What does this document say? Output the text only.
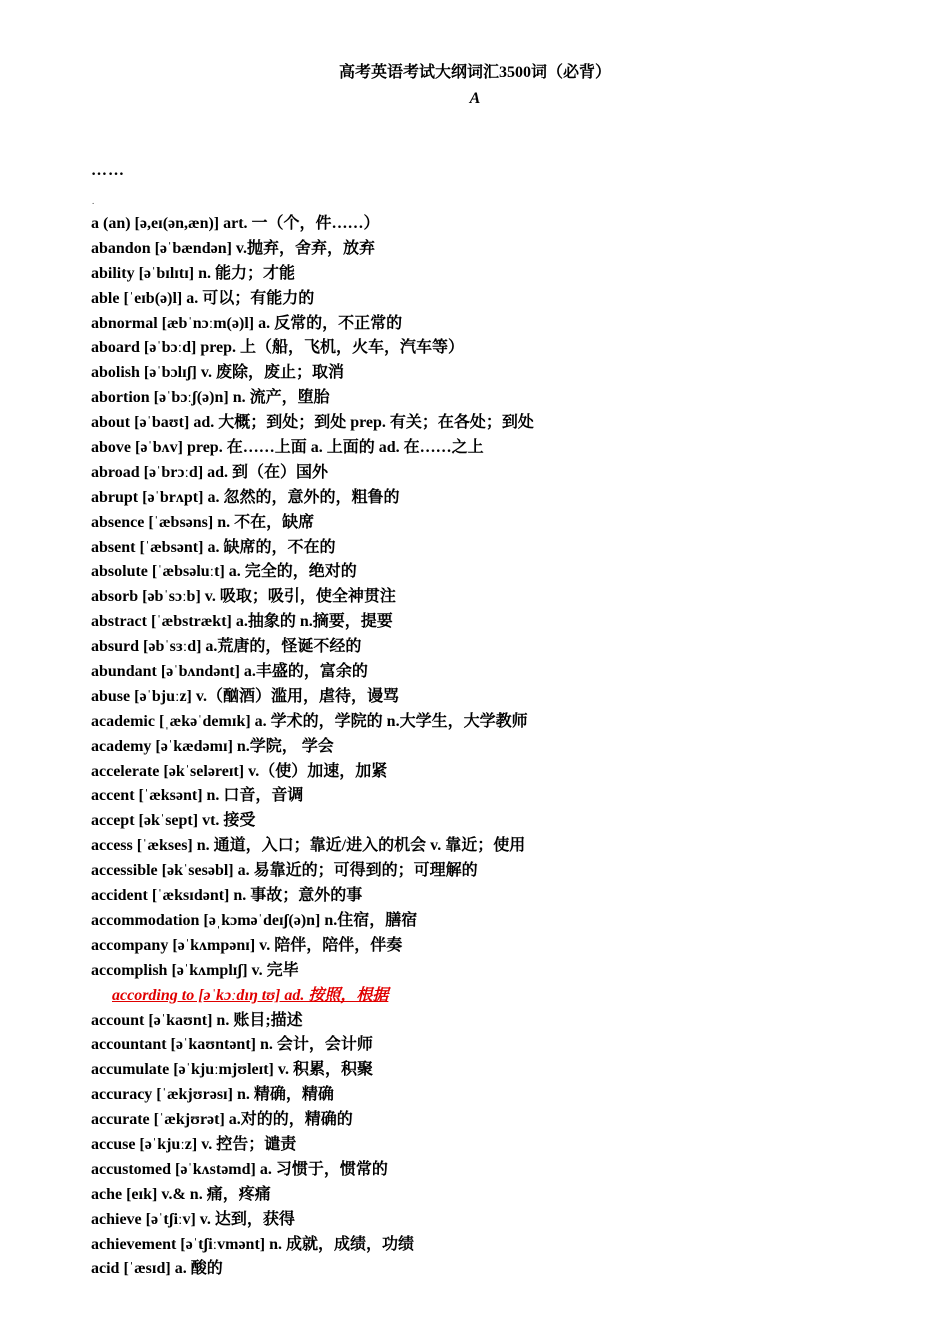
高考英语考试大纲词汇3500词（必背）
A
……
.
a (an) [ə,eɪ(ən,æn)] art. 一（个，件……）
abandon [əˈbændən] v.抛弃，舍弃，放弃
ability [əˈbɪlɪtɪ] n. 能力；才能
able [ˈeɪb(ə)l] a. 可以；有能力的
abnormal [æbˈnɔːm(ə)l] a. 反常的，不正常的
aboard [əˈbɔːd] prep. 上（船，飞机，火车，汽车等）
abolish [əˈbɔlɪʃ] v. 废除，废止；取消
abortion [əˈbɔːʃ(ə)n] n. 流产，堕胎
about [əˈbaʊt] ad. 大概；到处；到处 prep. 有关；在各处；到处
above [əˈbʌv] prep. 在……上面 a. 上面的 ad. 在……之上
abroad [əˈbrɔːd] ad. 到（在）国外
abrupt [əˈbrʌpt] a. 忽然的，意外的，粗鲁的
absence [ˈæbsəns] n. 不在，缺席
absent [ˈæbsənt] a. 缺席的，不在的
absolute [ˈæbsəluːt] a. 完全的，绝对的
absorb [əbˈsɔːb] v. 吸取；吸引，使全神贯注
abstract [ˈæbstrækt] a.抽象的 n.摘要，提要
absurd [əbˈsɜːd] a.荒唐的，怪诞不经的
abundant [əˈbʌndənt] a.丰盛的，富余的
abuse [əˈbjuːz] v.（酗酒）滥用，虐待，谩骂
academic [ˌækəˈdemɪk] a. 学术的，学院的 n.大学生，大学教师
academy [əˈkædəmɪ] n.学院， 学会
accelerate [əkˈseləreɪt] v.（使）加速，加紧
accent [ˈæksənt] n. 口音，音调
accept [əkˈsept] vt. 接受
access [ˈækses] n. 通道，入口；靠近/进入的机会 v. 靠近；使用
accessible [əkˈsesəbl] a. 易靠近的；可得到的；可理解的
accident [ˈæksɪdənt] n. 事故；意外的事
accommodation [əˌkɔməˈdeɪʃ(ə)n] n.住宿，膳宿
accompany [əˈkʌmpənɪ] v. 陪伴，陪伴，伴奏
accomplish [əˈkʌmplɪʃ] v. 完毕
according to [əˈkɔːdɪŋ tʊ] ad. 按照，根据
account [əˈkaʊnt] n. 账目;描述
accountant [əˈkaʊntənt] n. 会计，会计师
accumulate [əˈkjuːmjʊleɪt] v. 积累，积聚
accuracy [ˈækjʊrəsɪ] n. 精确，精确
accurate [ˈækjʊrət] a.对的的，精确的
accuse [əˈkjuːz] v. 控告；谴责
accustomed [əˈkʌstəmd] a. 习惯于，惯常的
ache [eɪk] v.& n. 痛，疼痛
achieve [əˈtʃiːv] v. 达到，获得
achievement [əˈtʃiːvmənt] n. 成就，成绩，功绩
acid [ˈæsɪd] a. 酸的
